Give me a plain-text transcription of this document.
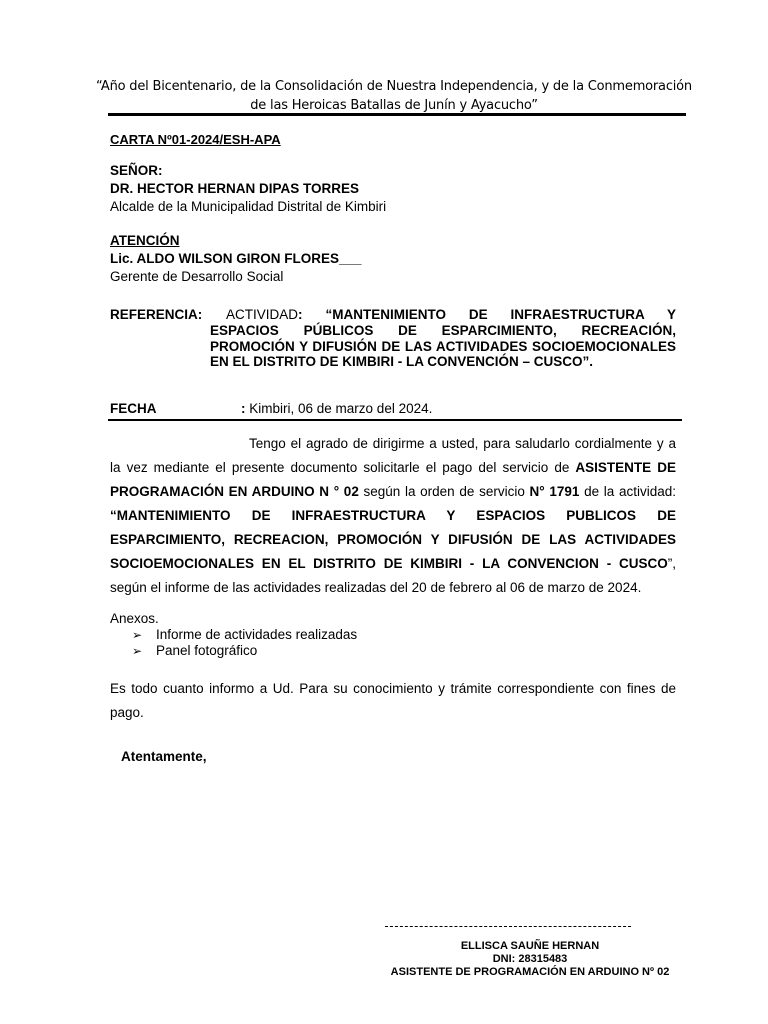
“Año del Bicentenario, de la Consolidación de Nuestra Independencia, y de la Conmemoración de las Heroicas Batallas de Junín y Ayacucho”
CARTA Nº01-2024/ESH-APA
SEÑOR:
DR. HECTOR HERNAN DIPAS TORRES
Alcalde de la Municipalidad Distrital de Kimbiri
ATENCIÓN
Lic. ALDO WILSON GIRON FLORES___
Gerente de Desarrollo Social
REFERENCIA: ACTIVIDAD: “MANTENIMIENTO DE INFRAESTRUCTURA Y
ESPACIOS PÚBLICOS DE ESPARCIMIENTO, RECREACIÓN, PROMOCIÓN Y DIFUSIÓN DE LAS ACTIVIDADES SOCIOEMOCIONALES EN EL DISTRITO DE KIMBIRI - LA CONVENCIÓN – CUSCO”.
FECHA	: Kimbiri, 06 de marzo del 2024.
Tengo el agrado de dirigirme a usted, para saludarlo cordialmente y a la vez mediante el presente documento solicitarle el pago del servicio de ASISTENTE DE PROGRAMACIÓN EN ARDUINO N ° 02 según la orden de servicio N° 1791 de la actividad: “MANTENIMIENTO DE INFRAESTRUCTURA Y ESPACIOS PUBLICOS DE ESPARCIMIENTO, RECREACION, PROMOCIÓN Y DIFUSIÓN DE LAS ACTIVIDADES SOCIOEMOCIONALES EN EL DISTRITO DE KIMBIRI - LA CONVENCION - CUSCO”, según el informe de las actividades realizadas del 20 de febrero al 06 de marzo de 2024.
Anexos.
➢ Informe de actividades realizadas
➢ Panel fotográfico
Es todo cuanto informo a Ud. Para su conocimiento y trámite correspondiente con fines de pago.
Atentamente,
ELLISCA SAUÑE HERNAN
DNI: 28315483
ASISTENTE DE PROGRAMACIÓN EN ARDUINO Nº 02
